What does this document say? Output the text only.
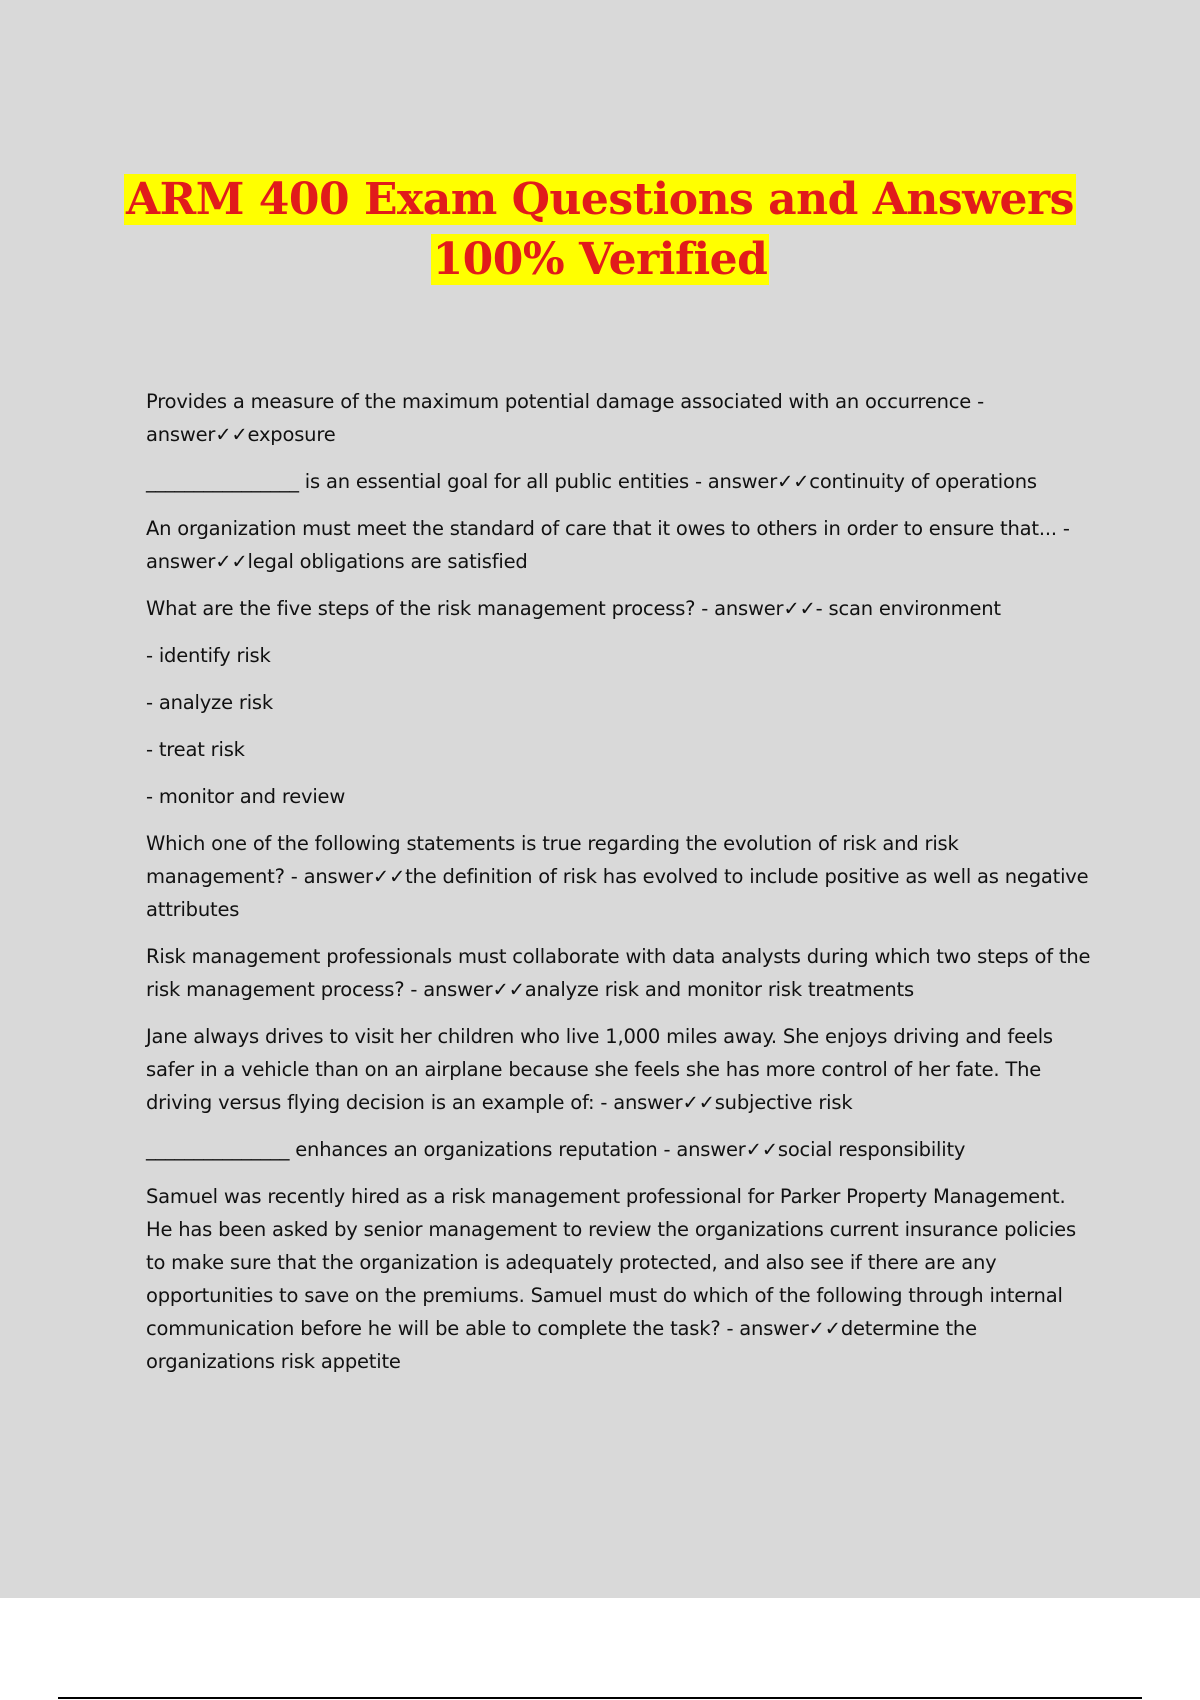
ARM 400 Exam Questions and Answers
100% Verified

Provides a measure of the maximum potential damage associated with an occurrence - answer✓✓exposure

________________ is an essential goal for all public entities - answer✓✓continuity of operations

An organization must meet the standard of care that it owes to others in order to ensure that... - answer✓✓legal obligations are satisfied

What are the five steps of the risk management process? - answer✓✓- scan environment

- identify risk

- analyze risk

- treat risk

- monitor and review

Which one of the following statements is true regarding the evolution of risk and risk management? - answer✓✓the definition of risk has evolved to include positive as well as negative attributes

Risk management professionals must collaborate with data analysts during which two steps of the risk management process? - answer✓✓analyze risk and monitor risk treatments

Jane always drives to visit her children who live 1,000 miles away. She enjoys driving and feels safer in a vehicle than on an airplane because she feels she has more control of her fate. The driving versus flying decision is an example of: - answer✓✓subjective risk

_______________ enhances an organizations reputation - answer✓✓social responsibility

Samuel was recently hired as a risk management professional for Parker Property Management. He has been asked by senior management to review the organizations current insurance policies to make sure that the organization is adequately protected, and also see if there are any opportunities to save on the premiums. Samuel must do which of the following through internal communication before he will be able to complete the task? - answer✓✓determine the organizations risk appetite
